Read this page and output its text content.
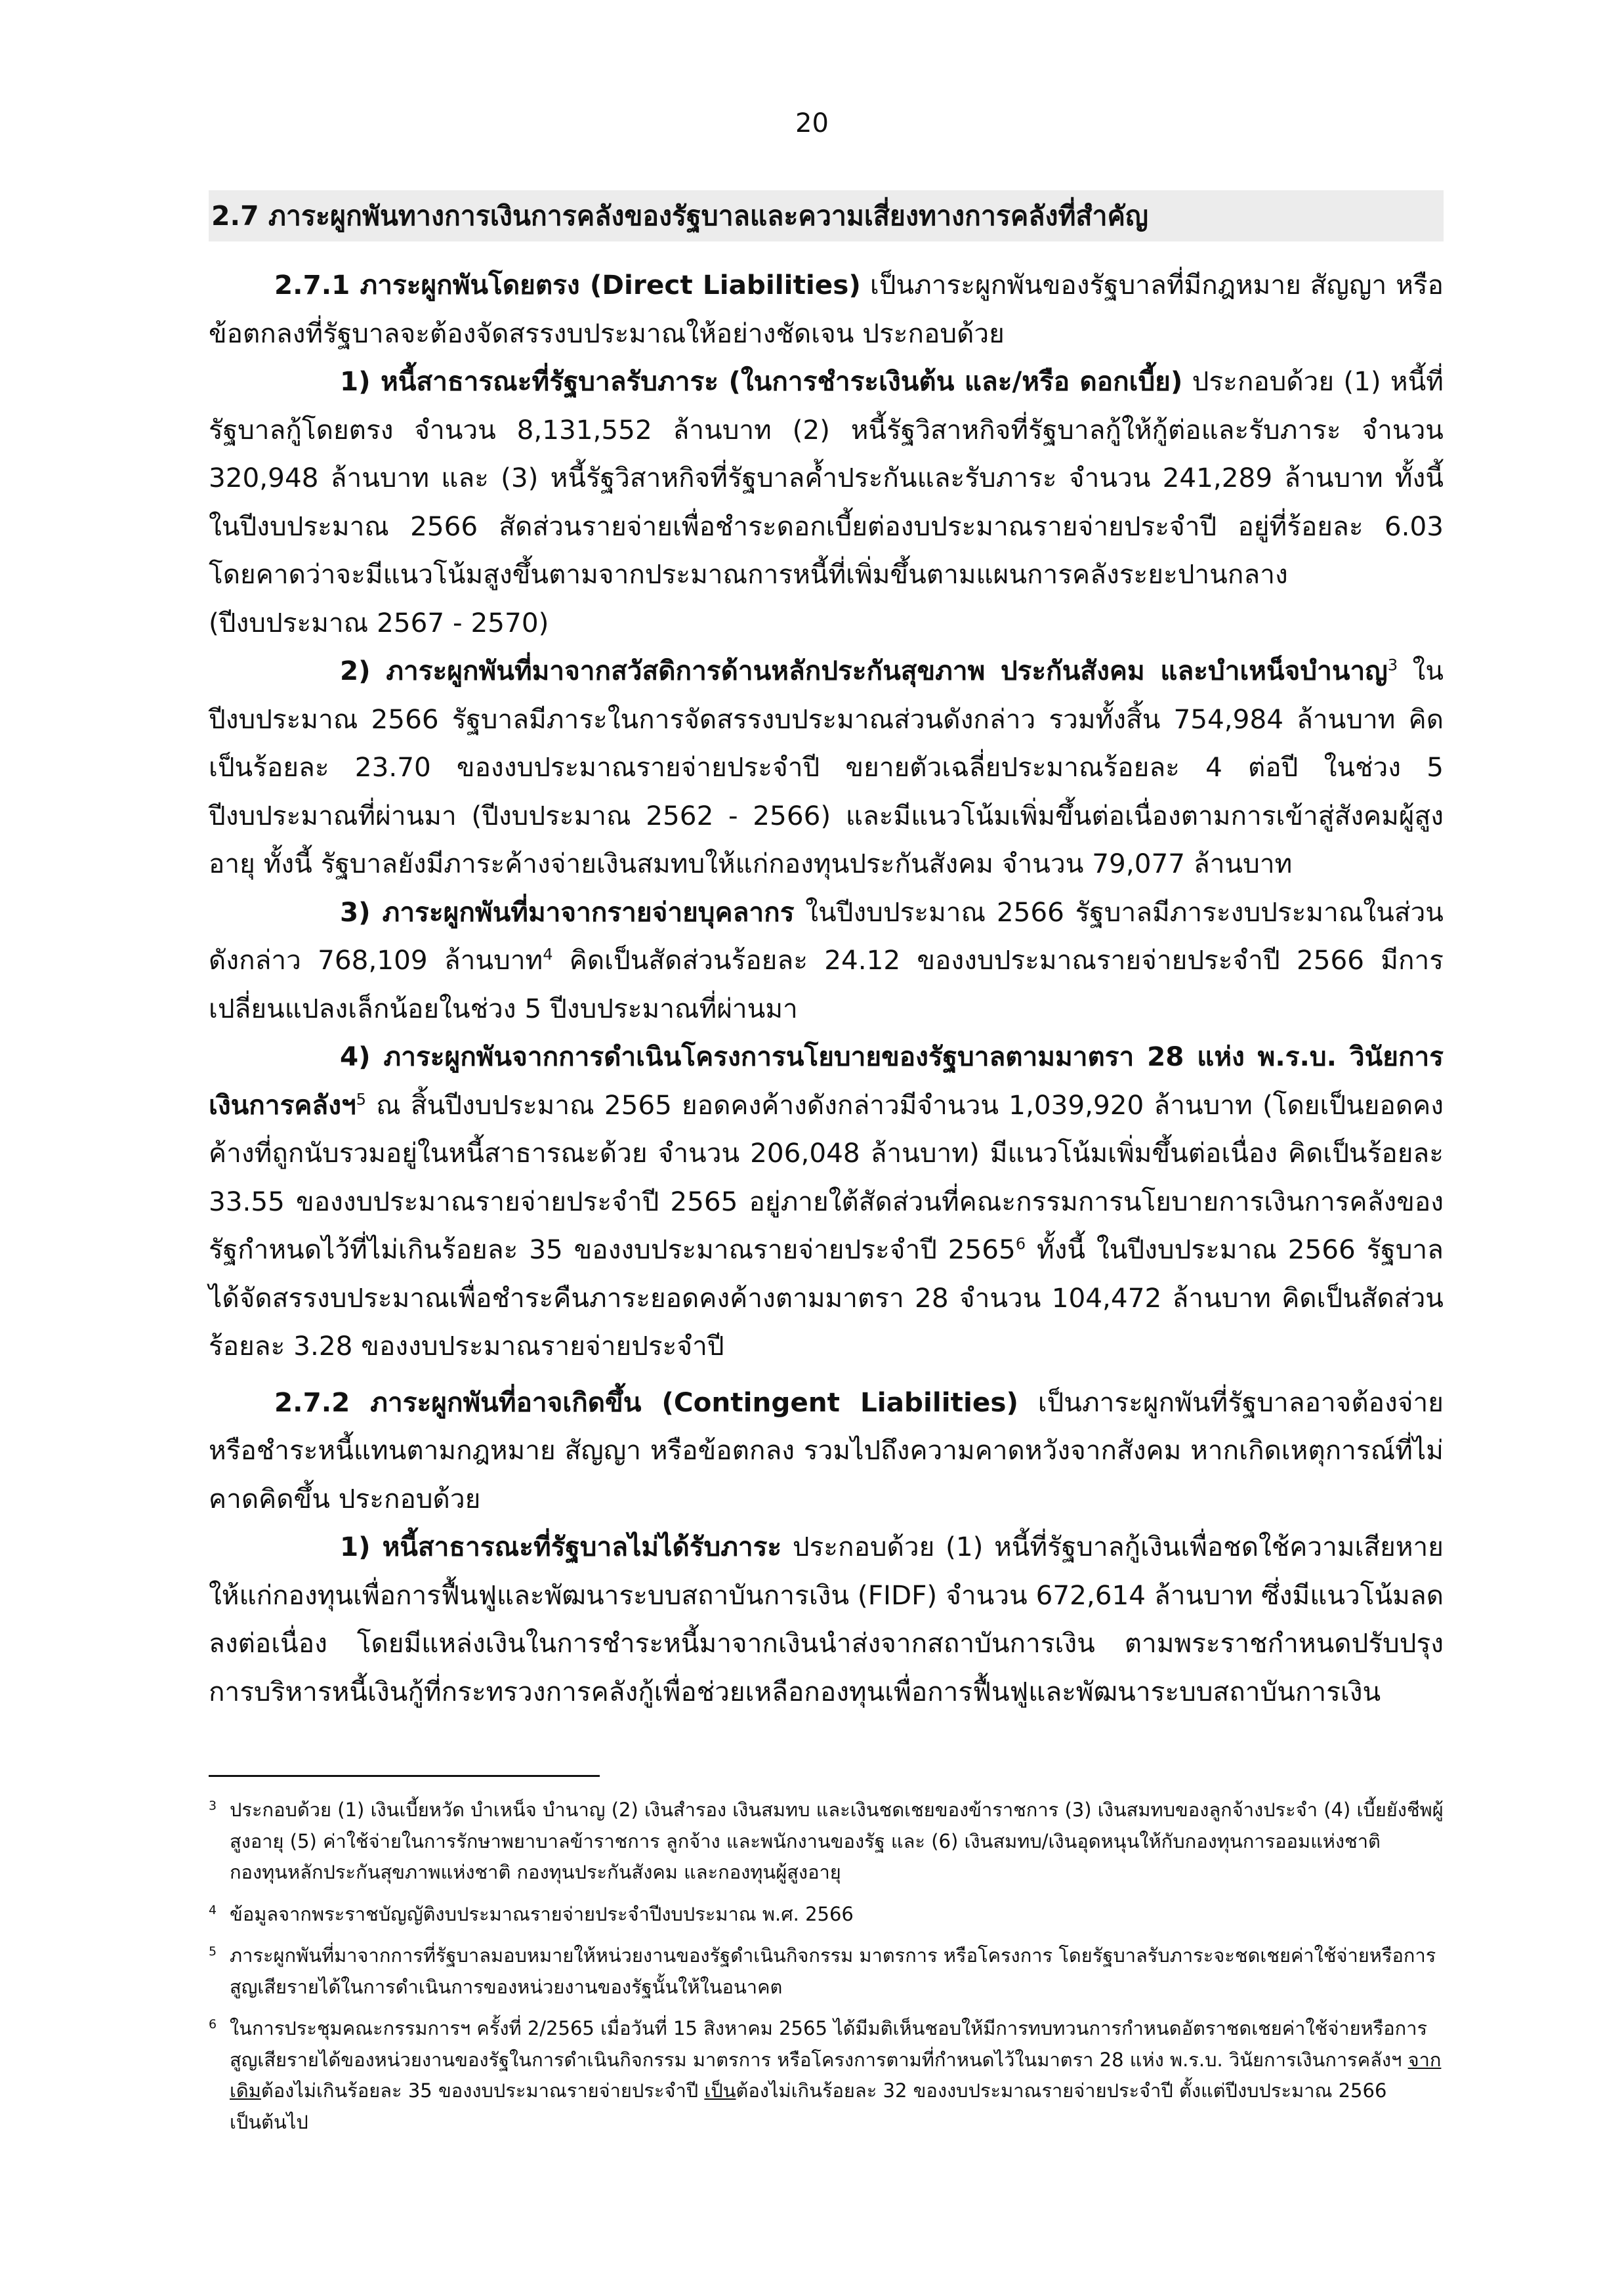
20
2.7 ภาระผูกพันทางการเงินการคลังของรัฐบาลและความเสี่ยงทางการคลังที่สำคัญ

2.7.1 ภาระผูกพันโดยตรง (Direct Liabilities) เป็นภาระผูกพันของรัฐบาลที่มีกฎหมาย สัญญา หรือข้อตกลงที่รัฐบาลจะต้องจัดสรรงบประมาณให้อย่างชัดเจน ประกอบด้วย

1) หนี้สาธารณะที่รัฐบาลรับภาระ (ในการชำระเงินต้น และ/หรือ ดอกเบี้ย) ประกอบด้วย (1) หนี้ที่รัฐบาลกู้โดยตรง จำนวน 8,131,552 ล้านบาท (2) หนี้รัฐวิสาหกิจที่รัฐบาลกู้ให้กู้ต่อและรับภาระ จำนวน 320,948 ล้านบาท และ (3) หนี้รัฐวิสาหกิจที่รัฐบาลค้ำประกันและรับภาระ จำนวน 241,289 ล้านบาท ทั้งนี้ ในปีงบประมาณ 2566 สัดส่วนรายจ่ายเพื่อชำระดอกเบี้ยต่องบประมาณรายจ่ายประจำปี อยู่ที่ร้อยละ 6.03 โดยคาดว่าจะมีแนวโน้มสูงขึ้นตามจากประมาณการหนี้ที่เพิ่มขึ้นตามแผนการคลังระยะปานกลาง (ปีงบประมาณ 2567 - 2570)

2) ภาระผูกพันที่มาจากสวัสดิการด้านหลักประกันสุขภาพ ประกันสังคม และบำเหน็จบำนาญ$^3$ ในปีงบประมาณ 2566 รัฐบาลมีภาระในการจัดสรรงบประมาณส่วนดังกล่าว รวมทั้งสิ้น 754,984 ล้านบาท คิดเป็นร้อยละ 23.70 ของงบประมาณรายจ่ายประจำปี ขยายตัวเฉลี่ยประมาณร้อยละ 4 ต่อปี ในช่วง 5 ปีงบประมาณที่ผ่านมา (ปีงบประมาณ 2562 - 2566) และมีแนวโน้มเพิ่มขึ้นต่อเนื่องตามการเข้าสู่สังคมผู้สูงอายุ ทั้งนี้ รัฐบาลยังมีภาระค้างจ่ายเงินสมทบให้แก่กองทุนประกันสังคม จำนวน 79,077 ล้านบาท

3) ภาระผูกพันที่มาจากรายจ่ายบุคลากร ในปีงบประมาณ 2566 รัฐบาลมีภาระงบประมาณในส่วนดังกล่าว 768,109 ล้านบาท$^4$ คิดเป็นสัดส่วนร้อยละ 24.12 ของงบประมาณรายจ่ายประจำปี 2566 มีการเปลี่ยนแปลงเล็กน้อยในช่วง 5 ปีงบประมาณที่ผ่านมา

4) ภาระผูกพันจากการดำเนินโครงการนโยบายของรัฐบาลตามมาตรา 28 แห่ง พ.ร.บ. วินัยการเงินการคลังฯ$^5$ ณ สิ้นปีงบประมาณ 2565 ยอดคงค้างดังกล่าวมีจำนวน 1,039,920 ล้านบาท (โดยเป็นยอดคงค้างที่ถูกนับรวมอยู่ในหนี้สาธารณะด้วย จำนวน 206,048 ล้านบาท) มีแนวโน้มเพิ่มขึ้นต่อเนื่อง คิดเป็นร้อยละ 33.55 ของงบประมาณรายจ่ายประจำปี 2565 อยู่ภายใต้สัดส่วนที่คณะกรรมการนโยบายการเงินการคลังของรัฐกำหนดไว้ที่ไม่เกินร้อยละ 35 ของงบประมาณรายจ่ายประจำปี 2565$^6$ ทั้งนี้ ในปีงบประมาณ 2566 รัฐบาลได้จัดสรรงบประมาณเพื่อชำระคืนภาระยอดคงค้างตามมาตรา 28 จำนวน 104,472 ล้านบาท คิดเป็นสัดส่วนร้อยละ 3.28 ของงบประมาณรายจ่ายประจำปี

2.7.2 ภาระผูกพันที่อาจเกิดขึ้น (Contingent Liabilities) เป็นภาระผูกพันที่รัฐบาลอาจต้องจ่ายหรือชำระหนี้แทนตามกฎหมาย สัญญา หรือข้อตกลง รวมไปถึงความคาดหวังจากสังคม หากเกิดเหตุการณ์ที่ไม่คาดคิดขึ้น ประกอบด้วย

1) หนี้สาธารณะที่รัฐบาลไม่ได้รับภาระ ประกอบด้วย (1) หนี้ที่รัฐบาลกู้เงินเพื่อชดใช้ความเสียหายให้แก่กองทุนเพื่อการฟื้นฟูและพัฒนาระบบสถาบันการเงิน (FIDF) จำนวน 672,614 ล้านบาท ซึ่งมีแนวโน้มลดลงต่อเนื่อง โดยมีแหล่งเงินในการชำระหนี้มาจากเงินนำส่งจากสถาบันการเงิน ตามพระราชกำหนดปรับปรุงการบริหารหนี้เงินกู้ที่กระทรวงการคลังกู้เพื่อช่วยเหลือกองทุนเพื่อการฟื้นฟูและพัฒนาระบบสถาบันการเงิน

3 ประกอบด้วย (1) เงินเบี้ยหวัด บำเหน็จ บำนาญ (2) เงินสำรอง เงินสมทบ และเงินชดเชยของข้าราชการ (3) เงินสมทบของลูกจ้างประจำ (4) เบี้ยยังชีพผู้สูงอายุ (5) ค่าใช้จ่ายในการรักษาพยาบาลข้าราชการ ลูกจ้าง และพนักงานของรัฐ และ (6) เงินสมทบ/เงินอุดหนุนให้กับกองทุนการออมแห่งชาติ กองทุนหลักประกันสุขภาพแห่งชาติ กองทุนประกันสังคม และกองทุนผู้สูงอายุ

4 ข้อมูลจากพระราชบัญญัติงบประมาณรายจ่ายประจำปีงบประมาณ พ.ศ. 2566

5 ภาระผูกพันที่มาจากการที่รัฐบาลมอบหมายให้หน่วยงานของรัฐดำเนินกิจกรรม มาตรการ หรือโครงการ โดยรัฐบาลรับภาระจะชดเชยค่าใช้จ่ายหรือการสูญเสียรายได้ในการดำเนินการของหน่วยงานของรัฐนั้นให้ในอนาคต

6 ในการประชุมคณะกรรมการฯ ครั้งที่ 2/2565 เมื่อวันที่ 15 สิงหาคม 2565 ได้มีมติเห็นชอบให้มีการทบทวนการกำหนดอัตราชดเชยค่าใช้จ่ายหรือการสูญเสียรายได้ของหน่วยงานของรัฐในการดำเนินกิจกรรม มาตรการ หรือโครงการตามที่กำหนดไว้ในมาตรา 28 แห่ง พ.ร.บ. วินัยการเงินการคลังฯ จากเดิมต้องไม่เกินร้อยละ 35 ของงบประมาณรายจ่ายประจำปี เป็นต้องไม่เกินร้อยละ 32 ของงบประมาณรายจ่ายประจำปี ตั้งแต่ปีงบประมาณ 2566 เป็นต้นไป
